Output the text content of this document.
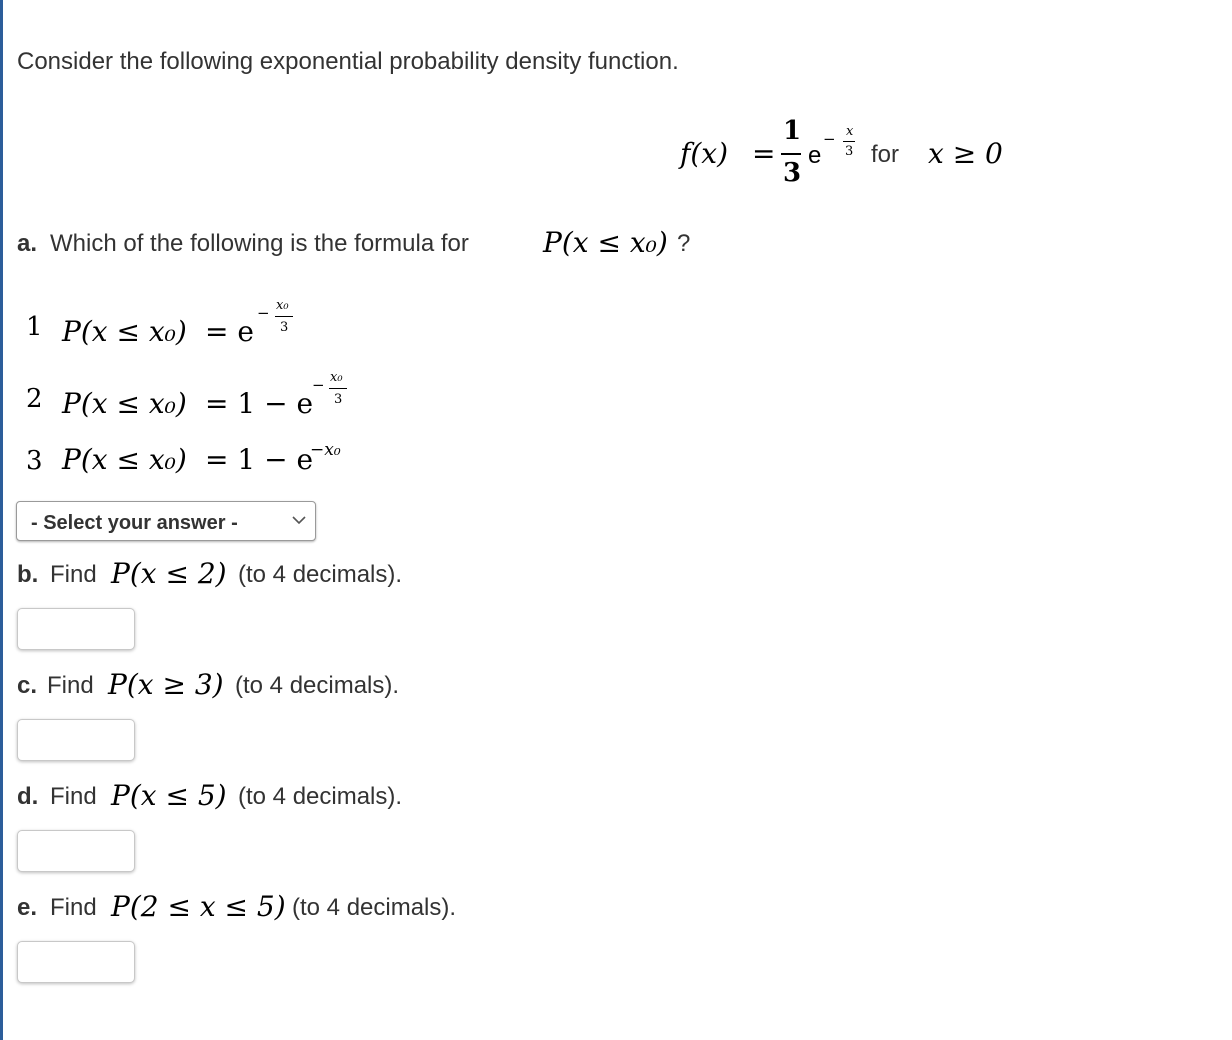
Consider the following exponential probability density function.
f(x) =
1
3
e
− x
3 for x ≥ 0
a. Which of the following is the formula for	P(x ≤ x₀) ?
1 P(x ≤ x₀) = e
− x₀
3
2 P(x ≤ x₀) = 1 − e
− x₀
3
3 P(x ≤ x₀) = 1 − e
−x₀
- Select your answer -
b. Find P(x ≤ 2) (to 4 decimals).
c. Find P(x ≥ 3) (to 4 decimals).
d. Find P(x ≤ 5) (to 4 decimals).
e. Find P(2 ≤ x ≤ 5) (to 4 decimals).
